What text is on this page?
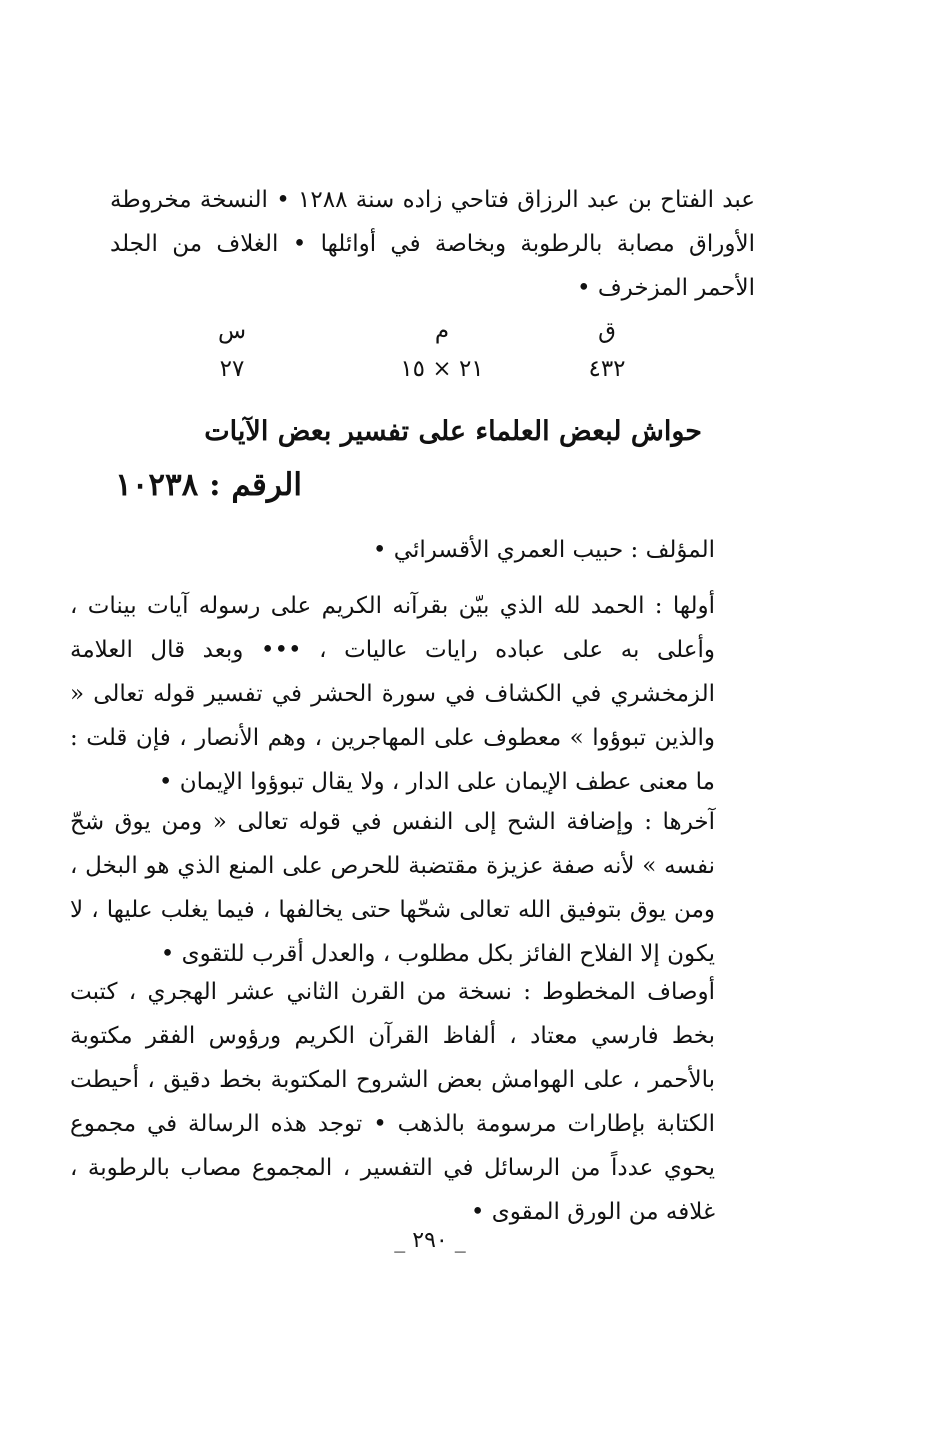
عبد الفتاح بن عبد الرزاق فتاحي زاده سنة ١٢٨٨ • النسخة مخروطة الأوراق مصابة بالرطوبة وبخاصة في أوائلها • الغلاف من الجلد الأحمر المزخرف •
ق
٤٣٢
م
٢١ × ١٥
س
٢٧
حواش لبعض العلماء على تفسير بعض الآيات
الرقم : ١٠٢٣٨
المؤلف : حبيب العمري الأقسرائي •
أولها : الحمد لله الذي بيّن بقرآنه الكريم على رسوله آيات بينات ، وأعلى به على عباده رايات عاليات ، ••• وبعد قال العلامة الزمخشري في الكشاف في سورة الحشر في تفسير قوله تعالى « والذين تبوؤوا » معطوف على المهاجرين ، وهم الأنصار ، فإن قلت : ما معنى عطف الإيمان على الدار ، ولا يقال تبوؤوا الإيمان •
آخرها : وإضافة الشح إلى النفس في قوله تعالى « ومن يوق شحّ نفسه » لأنه صفة عزيزة مقتضبة للحرص على المنع الذي هو البخل ، ومن يوق بتوفيق الله تعالى شحّها حتى يخالفها ، فيما يغلب عليها ، لا يكون إلا الفلاح الفائز بكل مطلوب ، والعدل أقرب للتقوى •
أوصاف المخطوط : نسخة من القرن الثاني عشر الهجري ، كتبت بخط فارسي معتاد ، ألفاظ القرآن الكريم ورؤوس الفقر مكتوبة بالأحمر ، على الهوامش بعض الشروح المكتوبة بخط دقيق ، أحيطت الكتابة بإطارات مرسومة بالذهب • توجد هذه الرسالة في مجموع يحوي عدداً من الرسائل في التفسير ، المجموع مصاب بالرطوبة ، غلافه من الورق المقوى •
_ ٢٩٠ _
